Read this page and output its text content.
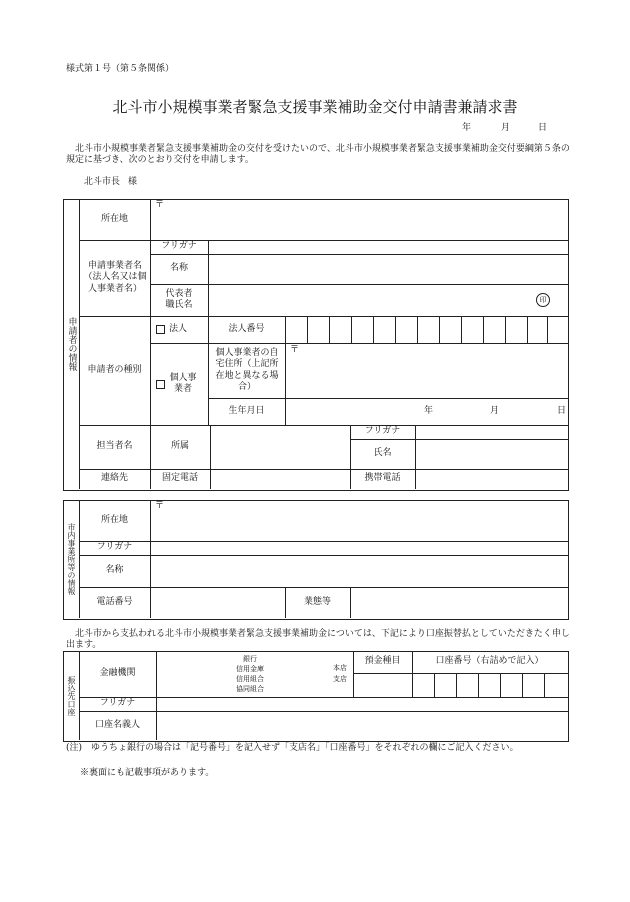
様式第１号（第５条関係）
北斗市小規模事業者緊急支援事業補助金交付申請書兼請求書
年	月	日
北斗市小規模事業者緊急支援事業補助金の交付を受けたいので、北斗市小規模事業者緊急支援事業補助金交付要綱第５条の規定に基づき、次のとおり交付を申請します。
北斗市長 様
申請者の情報
所在地
〒
申請事業者名（法人名又は個人事業者名）
フリガナ
名称
代表者職氏名	印
申請者の種別
法人	法人番号
個人事業者
個人事業者の自宅住所（上記所在地と異なる場合）
〒
生年月日	年	月	日
担当者名	所属
フリガナ
氏名
連絡先	固定電話	携帯電話
市内事業所等の情報
所在地
〒
フリガナ
名称
電話番号	業態等
北斗市から支払われる北斗市小規模事業者緊急支援事業補助金については、下記により口座振替払としていただきたく申し出ます。
振込先口座
金融機関
銀行
信用金庫
信用組合
協同組合
本店
支店
預金種目	口座番号（右詰めで記入）
フリガナ
口座名義人
(注)　ゆうちょ銀行の場合は「記号番号」を記入せず「支店名」「口座番号」をそれぞれの欄にご記入ください。
※裏面にも記載事項があります。
